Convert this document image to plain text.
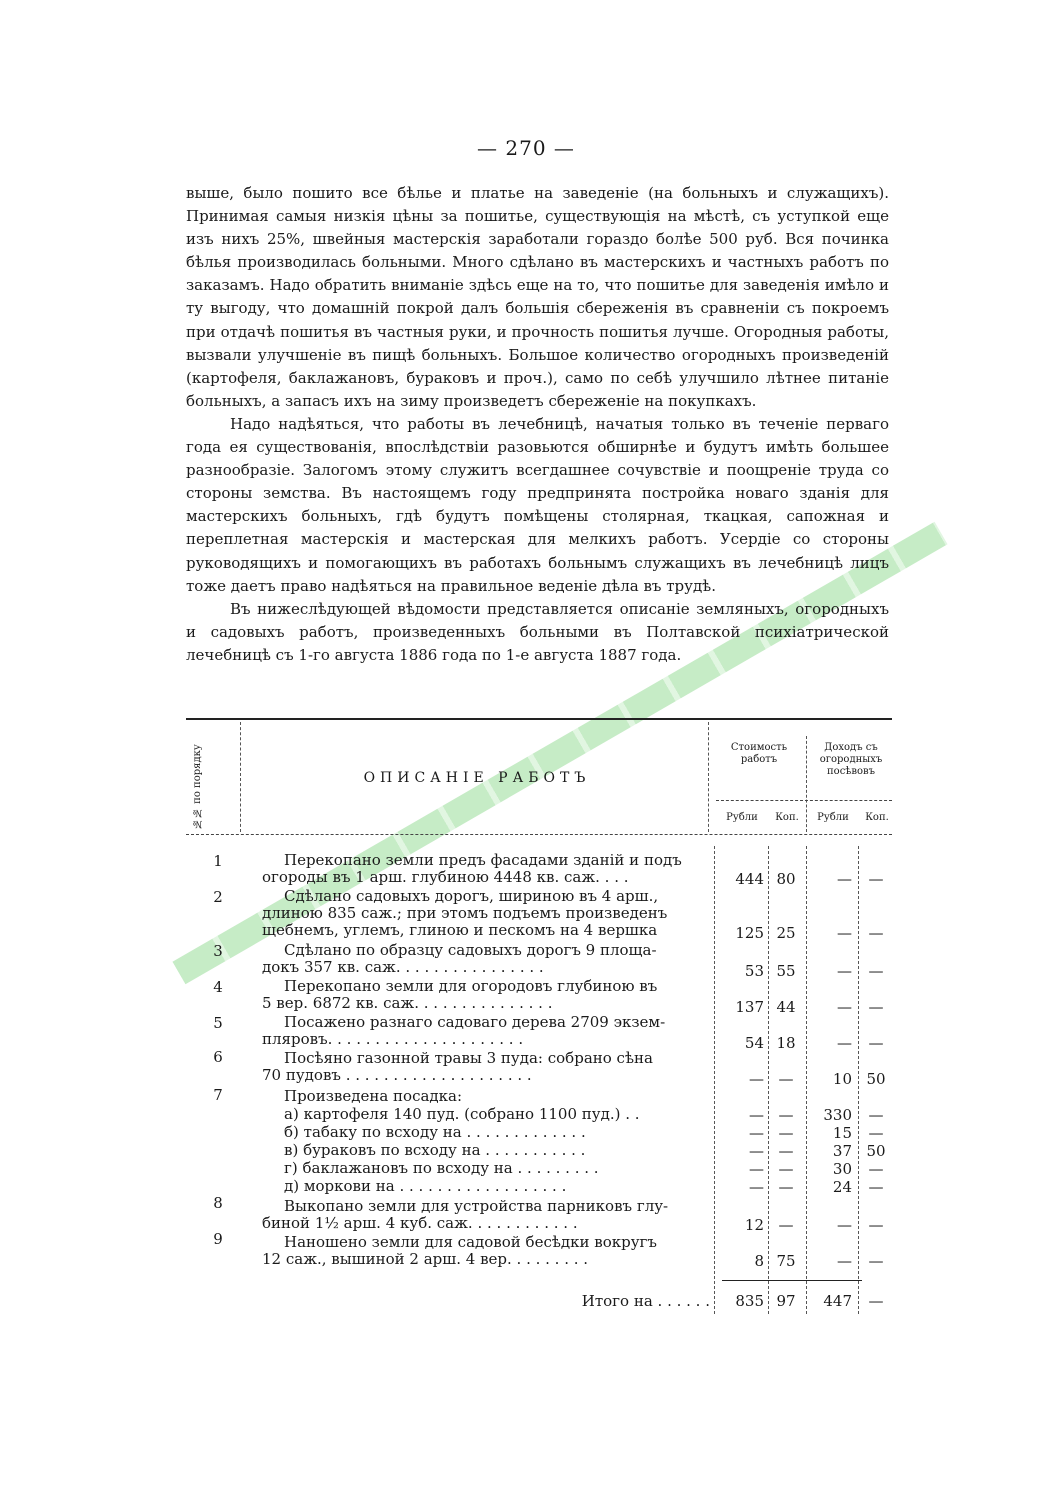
— 270 —

выше, было пошито все бѣлье и платье на заведеніе (на больныхъ и служащихъ). Принимая самыя низкія цѣны за пошитье, существующія на мѣстѣ, съ уступкой еще изъ нихъ 25%, швейныя мастерскія заработали гораздо болѣе 500 руб. Вся починка бѣлья производилась больными. Много сдѣлано въ мастерскихъ и частныхъ работъ по заказамъ. Надо обратить вниманіе здѣсь еще на то, что пошитье для заведенія имѣло и ту выгоду, что домашній покрой далъ большія сбереженія въ сравненіи съ покроемъ при отдачѣ пошитья въ частныя руки, и прочность пошитья лучше. Огородныя работы, вызвали улучшеніе въ пищѣ больныхъ. Большое количество огородныхъ произведеній (картофеля, баклажановъ, бураковъ и проч.), само по себѣ улучшило лѣтнее питаніе больныхъ, а запасъ ихъ на зиму произведетъ сбереженіе на покупкахъ.

Надо надѣяться, что работы въ лечебницѣ, начатыя только въ теченіе перваго года ея существованія, впослѣдствіи разовьются обширнѣе и будутъ имѣть большее разнообразіе. Залогомъ этому служитъ всегдашнее сочувствіе и поощреніе труда со стороны земства. Въ настоящемъ году предпринята постройка новаго зданія для мастерскихъ больныхъ, гдѣ будутъ помѣщены столярная, ткацкая, сапожная и переплетная мастерскія и мастерская для мелкихъ работъ. Усердіе со стороны руководящихъ и помогающихъ въ работахъ больнымъ служащихъ въ лечебницѣ лицъ тоже даетъ право надѣяться на правильное веденіе дѣла въ трудѣ.

Въ нижеслѣдующей вѣдомости представляется описаніе земляныхъ, огородныхъ и садовыхъ работъ, произведенныхъ больными въ Полтавской психіатрической лечебницѣ съ 1-го августа 1886 года по 1-е августа 1887 года.

№№ по порядку	ОПИСАНІЕ РАБОТЪ
Стоимость работъ
Доходъ съ огородныхъ посѣвовъ
Рубли	Коп.	Рубли	Коп.
1	Перекопано земли предъ фасадами зданій и подъ
огороды въ 1 арш. глубиною 4448 кв. саж. . . .	444 80	—	—
2	Сдѣлано садовыхъ дорогъ, шириною въ 4 арш.,
длиною 835 саж.; при этомъ подъемъ произведенъ
щебнемъ, углемъ, глиною и пескомъ на 4 вершка	125 25	—	—
3	Сдѣлано по образцу садовыхъ дорогъ 9 площа-
докъ 357 кв. саж. . . . . . . . . . . . . . . .	53 55	—	—
4	Перекопано земли для огородовъ глубиною въ
5 вер. 6872 кв. саж. . . . . . . . . . . . . . .	137 44	—	—
5	Посажено разнаго садоваго дерева 2709 экзем-
пляровъ. . . . . . . . . . . . . . . . . . . . .	54 18	—	—
6	Посѣяно газонной травы 3 пуда: собрано сѣна
70 пудовъ . . . . . . . . . . . . . . . . . . . .	— —	10 50
7	Произведена посадка:
а) картофеля 140 пуд. (собрано 1100 пуд.) . .	— —	330	—
б) табаку по всходу на . . . . . . . . . . . . .	— —	15	—
в) бураковъ по всходу на . . . . . . . . . . .	— —	37 50
г) баклажановъ по всходу на . . . . . . . . .	— —	30	—
д) моркови на . . . . . . . . . . . . . . . . . .	— —	24	—
8	Выкопано земли для устройства парниковъ глу-
биной 1½ арш. 4 куб. саж. . . . . . . . . . . .	12 —	—	—
9	Наношено земли для садовой бесѣдки вокругъ
12 саж., вышиной 2 арш. 4 вер. . . . . . . . .	8 75	—	—
Итого на . . . . . .	835 97	447	—
